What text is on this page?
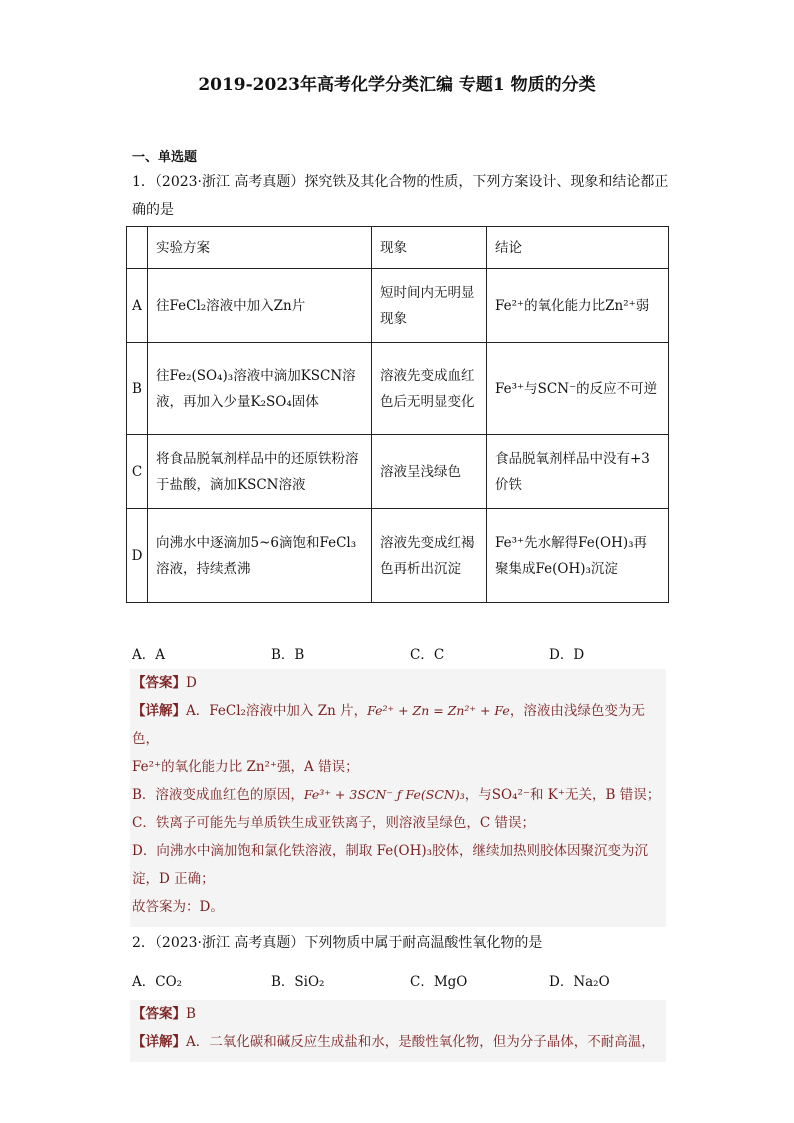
2019-2023年高考化学分类汇编 专题1 物质的分类
一、单选题
1．（2023·浙江 高考真题）探究铁及其化合物的性质，下列方案设计、现象和结论都正
确的是
	实验方案	现象	结论
A	往FeCl₂溶液中加入Zn片	短时间内无明显现象	Fe²⁺的氧化能力比Zn²⁺弱
B	往Fe₂(SO₄)₃溶液中滴加KSCN溶液，再加入少量K₂SO₄固体	溶液先变成血红色后无明显变化	Fe³⁺与SCN⁻的反应不可逆
C	将食品脱氧剂样品中的还原铁粉溶于盐酸，滴加KSCN溶液	溶液呈浅绿色	食品脱氧剂样品中没有+3价铁
D	向沸水中逐滴加5~6滴饱和FeCl₃溶液，持续煮沸	溶液先变成红褐色再析出沉淀	Fe³⁺先水解得Fe(OH)₃再聚集成Fe(OH)₃沉淀
A．A	B．B	C．C	D．D
【答案】D
【详解】A．FeCl₂溶液中加入 Zn 片，Fe²⁺ + Zn = Zn²⁺ + Fe，溶液由浅绿色变为无色，
Fe²⁺的氧化能力比 Zn²⁺强，A 错误；
B．溶液变成血红色的原因，Fe³⁺ + 3SCN⁻ ƒ Fe(SCN)₃，与SO₄²⁻和 K⁺无关，B 错误；
C．铁离子可能先与单质铁生成亚铁离子，则溶液呈绿色，C 错误；
D．向沸水中滴加饱和氯化铁溶液，制取 Fe(OH)₃胶体，继续加热则胶体因聚沉变为沉
淀，D 正确；
故答案为：D。
2．（2023·浙江 高考真题）下列物质中属于耐高温酸性氧化物的是
A．CO₂	B．SiO₂	C．MgO	D．Na₂O
【答案】B
【详解】A．二氧化碳和碱反应生成盐和水，是酸性氧化物，但为分子晶体，不耐高温，
